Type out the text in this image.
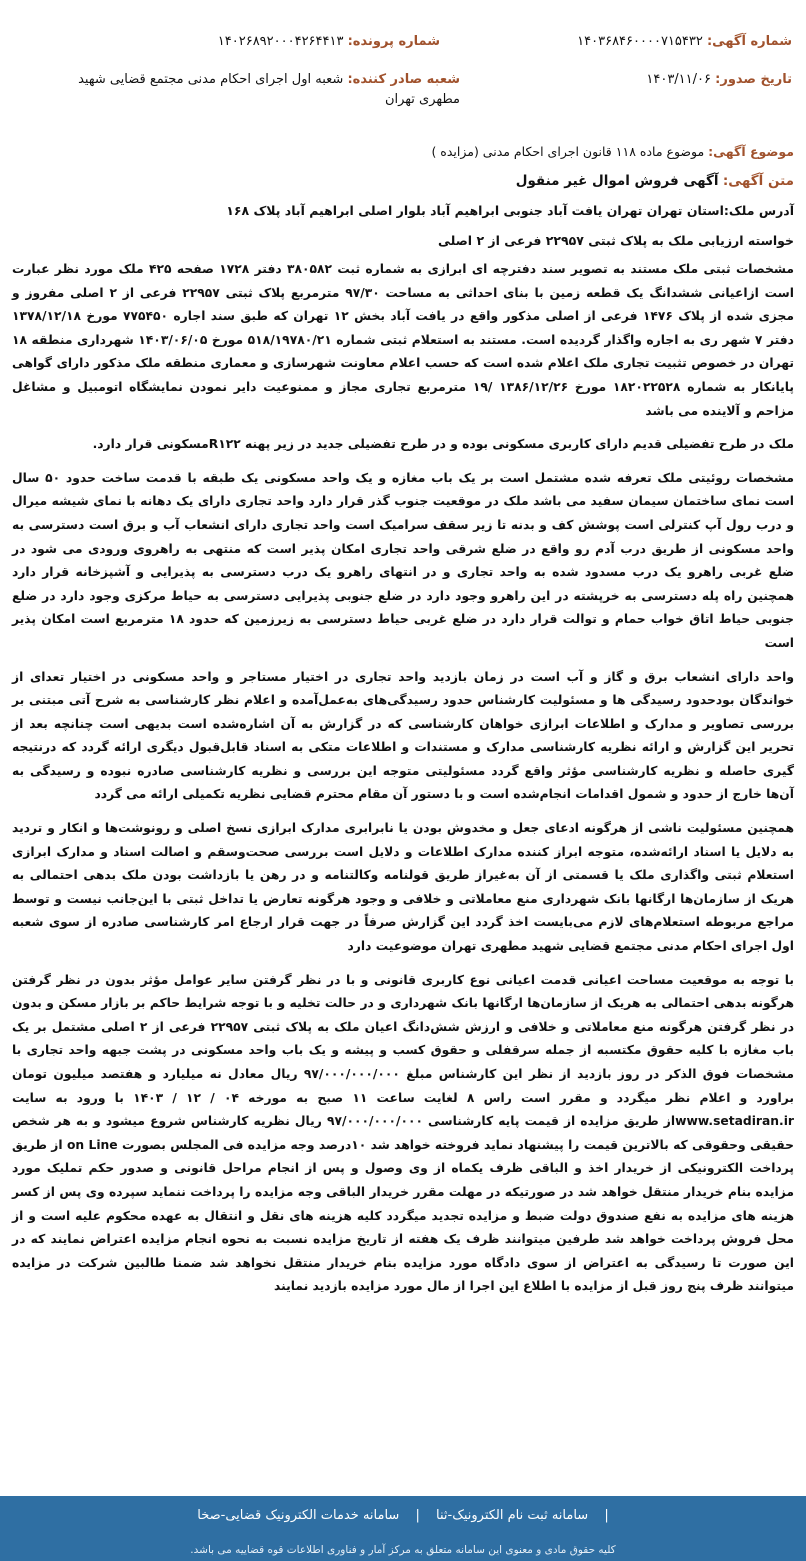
شماره آگهی: ۱۴۰۳۶۸۴۶۰۰۰۰۷۱۵۴۳۲
تاریخ صدور: ۱۴۰۳/۱۱/۰۶
شماره پرونده: ۱۴۰۲۶۸۹۲۰۰۰۴۲۶۴۴۱۳
شعبه صادر کننده: شعبه اول اجرای احکام مدنی مجتمع قضایی شهید مطهری تهران
موضوع آگهی: موضوع ماده ۱۱۸ قانون اجرای احکام مدنی (مزایده )
متن آگهی: آگهی فروش اموال غیر منقول
آدرس ملک:استان تهران تهران یافت آباد جنوبی ابراهیم آباد بلوار اصلی ابراهیم آباد پلاک ۱۶۸
خواسته ارزیابی ملک به پلاک ثبتی ۲۲۹۵۷ فرعی از ۲ اصلی

مشخصات ثبتی ملک مستند به تصویر سند دفترچه ای ابرازی به شماره ثبت ۳۸۰۵۸۲ دفتر ۱۷۲۸ صفحه ۴۲۵ ملک مورد نظر عبارت است ازاعیانی ششدانگ یک قطعه زمین با بنای احداثی به مساحت ۹۷/۳۰ مترمربع پلاک ثبتی ۲۲۹۵۷ فرعی از ۲ اصلی مفروز و مجزی شده از پلاک ۱۴۷۶ فرعی از اصلی مذکور واقع در یافت آباد بخش ۱۲ تهران که طبق سند اجاره ۷۷۵۴۵۰ مورخ ۱۳۷۸/۱۲/۱۸ دفتر ۷ شهر ری به اجاره واگذار گردیده است. مستند به استعلام ثبتی شماره ۵۱۸/۱۹۷۸۰/۲۱ مورخ ۱۴۰۳/۰۶/۰۵ شهرداری منطقه ۱۸ تهران در خصوص تثبیت تجاری ملک اعلام شده است که حسب اعلام معاونت شهرسازی و معماری منطقه ملک مذکور دارای گواهی پایانکار به شماره ۱۸۲۰۲۲۵۲۸ مورخ ۱۳۸۶/۱۲/۲۶ /۱۹ مترمربع تجاری مجاز و ممنوعیت دایر نمودن نمایشگاه اتومبیل و مشاغل مزاحم و آلاینده می باشد

ملک در طرح تفضیلی قدیم دارای کاربری مسکونی بوده و در طرح تفضیلی جدید در زیر پهنه R۱۲۲مسکونی قرار دارد.

مشخصات روئیتی ملک تعرفه شده مشتمل است بر یک باب مغازه و یک واحد مسکونی یک طبقه با قدمت ساخت حدود ۵۰ سال است نمای ساختمان سیمان سفید می باشد ملک در موقعیت جنوب گذر قرار دارد واحد تجاری دارای یک دهانه با نمای شیشه میرال و درب رول آپ کنترلی است پوشش کف و بدنه تا زیر سقف سرامیک است واحد تجاری دارای انشعاب آب و برق است دسترسی به واحد مسکونی از طریق درب آدم رو واقع در ضلع شرقی واحد تجاری امکان پذیر است که منتهی به راهروی ورودی می شود در ضلع غربی راهرو یک درب مسدود شده به واحد تجاری و در انتهای راهرو یک درب دسترسی به پذیرایی و آشپزخانه قرار دارد همچنین راه پله دسترسی به خرپشته در این راهرو وجود دارد در ضلع جنوبی پذیرایی دسترسی به حیاط مرکزی وجود دارد در ضلع جنوبی حیاط اتاق خواب حمام و توالت قرار دارد در ضلع غربی حیاط دسترسی به زیرزمین که حدود ۱۸ مترمربع است امکان پذیر است

واحد دارای انشعاب برق و گاز و آب است در زمان بازدید واحد تجاری در اختیار مستاجر و واحد مسکونی در اختیار تعدای از خواندگان بودحدود رسیدگی ها و مسئولیت کارشناس حدود رسیدگی‌های به‌عمل‌آمده و اعلام نظر کارشناسی به شرح آتی مبتنی بر بررسی تصاویر و مدارک و اطلاعات ابرازی خواهان کارشناسی که در گزارش به آن اشاره‌شده است بدیهی است چنانچه بعد از تحریر این گزارش و ارائه نظریه کارشناسی مدارک و مستندات و اطلاعات متکی به اسناد قابل‌قبول دیگری ارائه گردد که درنتیجه گیری حاصله و نظریه کارشناسی مؤثر واقع گردد مسئولیتی متوجه این بررسی و نظریه کارشناسی صادره نبوده و رسیدگی به آن‌ها خارج از حدود و شمول اقدامات انجام‌شده است و با دستور آن مقام محترم قضایی نظریه تکمیلی ارائه می گردد

همچنین مسئولیت ناشی از هرگونه ادعای جعل و مخدوش بودن یا نابرابری مدارک ابرازی نسخ اصلی و رونوشت‌ها و انکار و تردید به دلایل یا اسناد ارائه‌شده، متوجه ابراز کننده مدارک اطلاعات و دلایل است بررسی صحت‌وسقم و اصالت اسناد و مدارک ابرازی استعلام ثبتی واگذاری ملک یا قسمتی از آن به‌غیراز طریق قولنامه وکالتنامه و در رهن یا بازداشت بودن ملک بدهی احتمالی به هریک از سازمان‌ها ارگانها بانک شهرداری منع معاملاتی و خلافی و وجود هرگونه تعارض یا تداخل ثبتی با این‌جانب نیست و توسط مراجع مربوطه استعلام‌های لازم می‌بایست اخذ گردد این گزارش صرفاً در جهت قرار ارجاع امر کارشناسی صادره از سوی شعبه اول اجرای احکام مدنی مجتمع قضایی شهید مطهری تهران موضوعیت دارد

با توجه به موقعیت مساحت اعیانی قدمت اعیانی نوع کاربری قانونی و با در نظر گرفتن سایر عوامل مؤثر بدون در نظر گرفتن هرگونه بدهی احتمالی به هریک از سازمان‌ها ارگانها بانک شهرداری و در حالت تخلیه و با توجه شرایط حاکم بر بازار مسکن و بدون در نظر گرفتن هرگونه منع معاملاتی و خلافی و ارزش شش‌دانگ اعیان ملک به پلاک ثبتی ۲۲۹۵۷ فرعی از ۲ اصلی مشتمل بر یک باب مغازه با کلیه حقوق مکتسبه از جمله سرقفلی و حقوق کسب و پیشه و یک باب واحد مسکونی در پشت جبهه واحد تجاری با مشخصات فوق الذکر در روز بازدید از نظر این کارشناس مبلغ ۹۷/۰۰۰/۰۰۰/۰۰۰ ریال معادل نه میلیارد و هفتصد میلیون تومان براورد و اعلام نظر میگردد و مقرر است راس ۸ لغایت ساعت ۱۱ صبح به مورخه ۰۴ / ۱۲ / ۱۴۰۳ با ورود به سایت www.setadiran.irاز طریق مزایده از قیمت پایه کارشناسی ۹۷/۰۰۰/۰۰۰/۰۰۰ ریال نظریه کارشناس شروع میشود و به هر شخص حقیقی وحقوقی که بالاترین قیمت را پیشنهاد نماید فروخته خواهد شد ۱۰درصد وجه مزایده فی المجلس بصورت on Line از طریق پرداخت الکترونیکی از خریدار اخذ و الباقی ظرف یکماه از وی وصول و پس از انجام مراحل قانونی و صدور حکم تملیک مورد مزایده بنام خریدار منتقل خواهد شد در صورتیکه در مهلت مقرر خریدار الباقی وجه مزایده را پرداخت ننماید سپرده وی پس از کسر هزینه های مزایده به نفع صندوق دولت ضبط و مزایده تجدید میگردد کلیه هزینه های نقل و انتقال به عهده محکوم علیه است و از محل فروش پرداخت خواهد شد طرفین میتوانند ظرف یک هفته از تاریخ مزایده نسبت به نحوه انجام مزایده اعتراض نمایند که در این صورت تا رسیدگی به اعتراض از سوی دادگاه مورد مزایده بنام خریدار منتقل نخواهد شد ضمنا طالبین شرکت در مزایده میتوانند ظرف پنج روز قبل از مزایده با اطلاع این اجرا از مال مورد مزایده بازدید نمایند

| سامانه ثبت نام الکترونیک-ثنا | سامانه خدمات الکترونیک قضایی-صخا
کلیه حقوق مادی و معنوی این سامانه متعلق به مرکز آمار و فناوری اطلاعات قوه قضاییه می باشد.
